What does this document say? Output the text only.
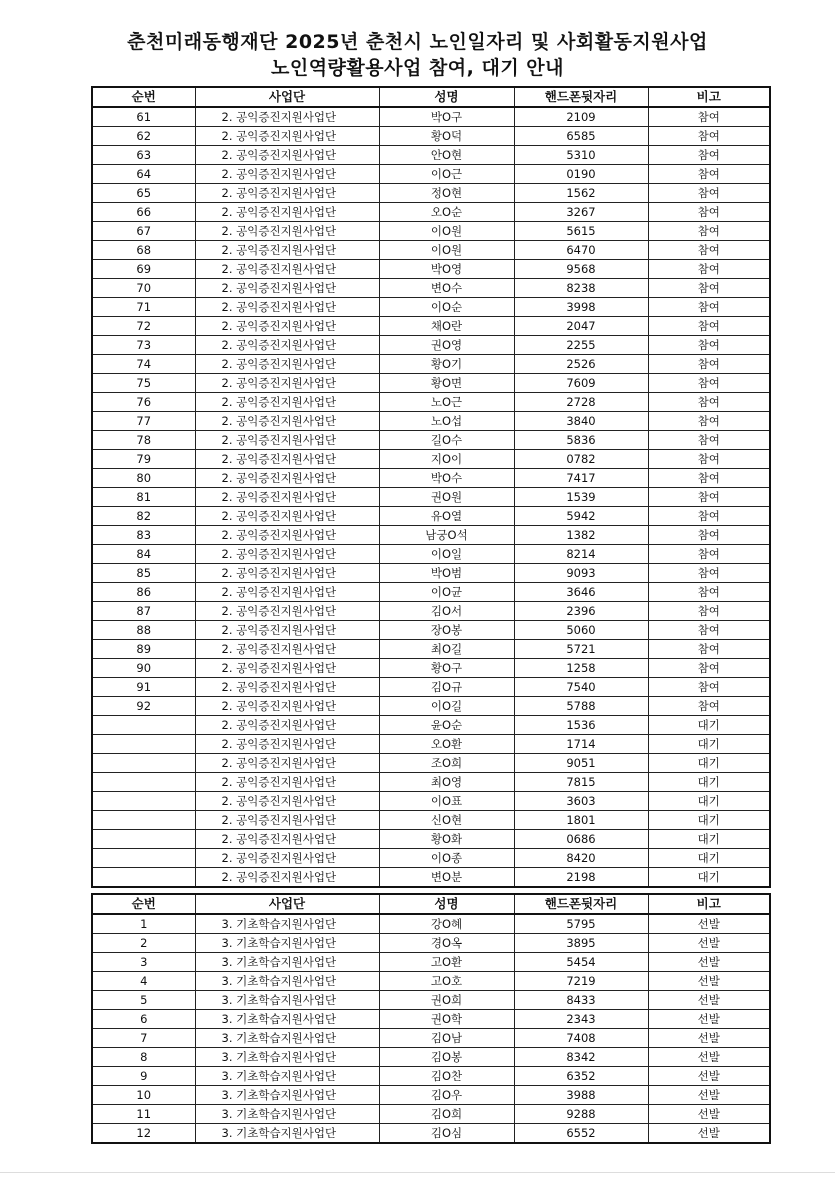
춘천미래동행재단 2025년 춘천시 노인일자리 및 사회활동지원사업
노인역량활용사업 참여, 대기 안내
순번	사업단	성명	핸드폰뒷자리	비고
61	2. 공익증진지원사업단	박O구	2109	참여
62	2. 공익증진지원사업단	황O덕	6585	참여
63	2. 공익증진지원사업단	안O현	5310	참여
64	2. 공익증진지원사업단	이O근	0190	참여
65	2. 공익증진지원사업단	정O현	1562	참여
66	2. 공익증진지원사업단	오O순	3267	참여
67	2. 공익증진지원사업단	이O원	5615	참여
68	2. 공익증진지원사업단	이O원	6470	참여
69	2. 공익증진지원사업단	박O영	9568	참여
70	2. 공익증진지원사업단	변O수	8238	참여
71	2. 공익증진지원사업단	이O순	3998	참여
72	2. 공익증진지원사업단	채O란	2047	참여
73	2. 공익증진지원사업단	권O영	2255	참여
74	2. 공익증진지원사업단	황O기	2526	참여
75	2. 공익증진지원사업단	황O면	7609	참여
76	2. 공익증진지원사업단	노O근	2728	참여
77	2. 공익증진지원사업단	노O섭	3840	참여
78	2. 공익증진지원사업단	길O수	5836	참여
79	2. 공익증진지원사업단	지O이	0782	참여
80	2. 공익증진지원사업단	박O수	7417	참여
81	2. 공익증진지원사업단	권O원	1539	참여
82	2. 공익증진지원사업단	유O열	5942	참여
83	2. 공익증진지원사업단	남궁O석	1382	참여
84	2. 공익증진지원사업단	이O일	8214	참여
85	2. 공익증진지원사업단	박O범	9093	참여
86	2. 공익증진지원사업단	이O균	3646	참여
87	2. 공익증진지원사업단	김O서	2396	참여
88	2. 공익증진지원사업단	장O봉	5060	참여
89	2. 공익증진지원사업단	최O길	5721	참여
90	2. 공익증진지원사업단	황O구	1258	참여
91	2. 공익증진지원사업단	김O규	7540	참여
92	2. 공익증진지원사업단	이O길	5788	참여
	2. 공익증진지원사업단	윤O순	1536	대기
	2. 공익증진지원사업단	오O환	1714	대기
	2. 공익증진지원사업단	조O희	9051	대기
	2. 공익증진지원사업단	최O영	7815	대기
	2. 공익증진지원사업단	이O표	3603	대기
	2. 공익증진지원사업단	신O현	1801	대기
	2. 공익증진지원사업단	황O화	0686	대기
	2. 공익증진지원사업단	이O종	8420	대기
	2. 공익증진지원사업단	변O분	2198	대기
순번	사업단	성명	핸드폰뒷자리	비고
1	3. 기초학습지원사업단	강O혜	5795	선발
2	3. 기초학습지원사업단	경O옥	3895	선발
3	3. 기초학습지원사업단	고O환	5454	선발
4	3. 기초학습지원사업단	고O호	7219	선발
5	3. 기초학습지원사업단	권O희	8433	선발
6	3. 기초학습지원사업단	권O학	2343	선발
7	3. 기초학습지원사업단	김O남	7408	선발
8	3. 기초학습지원사업단	김O봉	8342	선발
9	3. 기초학습지원사업단	김O찬	6352	선발
10	3. 기초학습지원사업단	김O우	3988	선발
11	3. 기초학습지원사업단	김O희	9288	선발
12	3. 기초학습지원사업단	김O심	6552	선발
